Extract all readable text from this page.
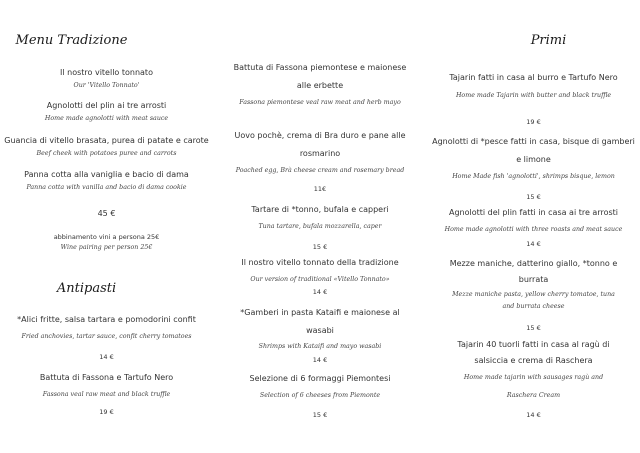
Menu Tradizione
Il nostro vitello tonnato
Our 'Vitello Tonnato'
Agnolotti del plin ai tre arrosti
Home made agnolotti with meat sauce
Guancia di vitello brasata, purea di patate e carote
Beef cheek with potatoes puree and carrots
Panna cotta alla vaniglia e bacio di dama
Panna cotta with vanilla and bacio di dama cookie
45 €
abbinamento vini a persona 25€
Wine pairing per person 25€
Antipasti
*Alici fritte, salsa tartara e pomodorini confit
Fried anchovies, tartar sauce, confit cherry tomatoes
14 €
Battuta di Fassona e Tartufo Nero
Fassona veal raw meat and black truffle
19 €
Battuta di Fassona piemontese e maionese
alle erbette
Fassona piemontese veal raw meat and herb mayo
Uovo pochè, crema di Bra duro e pane alle
rosmarino
Poached egg, Brà cheese cream and rosemary bread
11€
Tartare di *tonno, bufala e capperi
Tuna tartare, bufala mozzarella, caper
15 €
Il nostro vitello tonnato della tradizione
Our version of traditional «Vitello Tonnato»
14 €
*Gamberi in pasta Kataifi e maionese al
wasabi
Shrimps with Kataifi and mayo wasabi
14 €
Selezione di 6 formaggi Piemontesi
Selection of 6 cheeses from Piemonte
15 €
Primi
Tajarin fatti in casa al burro e Tartufo Nero
Home made Tajarin with butter and black truffle
19 €
Agnolotti di *pesce fatti in casa, bisque di gamberi
e limone
Home Made fish 'agnolotti', shrimps bisque, lemon
15 €
Agnolotti del plin fatti in casa ai tre arrosti
Home made agnolotti with three roasts and meat sauce
14 €
Mezze maniche, datterino giallo, *tonno e
burrata
Mezze maniche pasta, yellow cherry tomatoe, tuna
and burrata cheese
15 €
Tajarin 40 tuorli fatti in casa al ragù di
salsiccia e crema di Raschera
Home made tajarin with sausages ragù and
Raschera Cream
14 €
